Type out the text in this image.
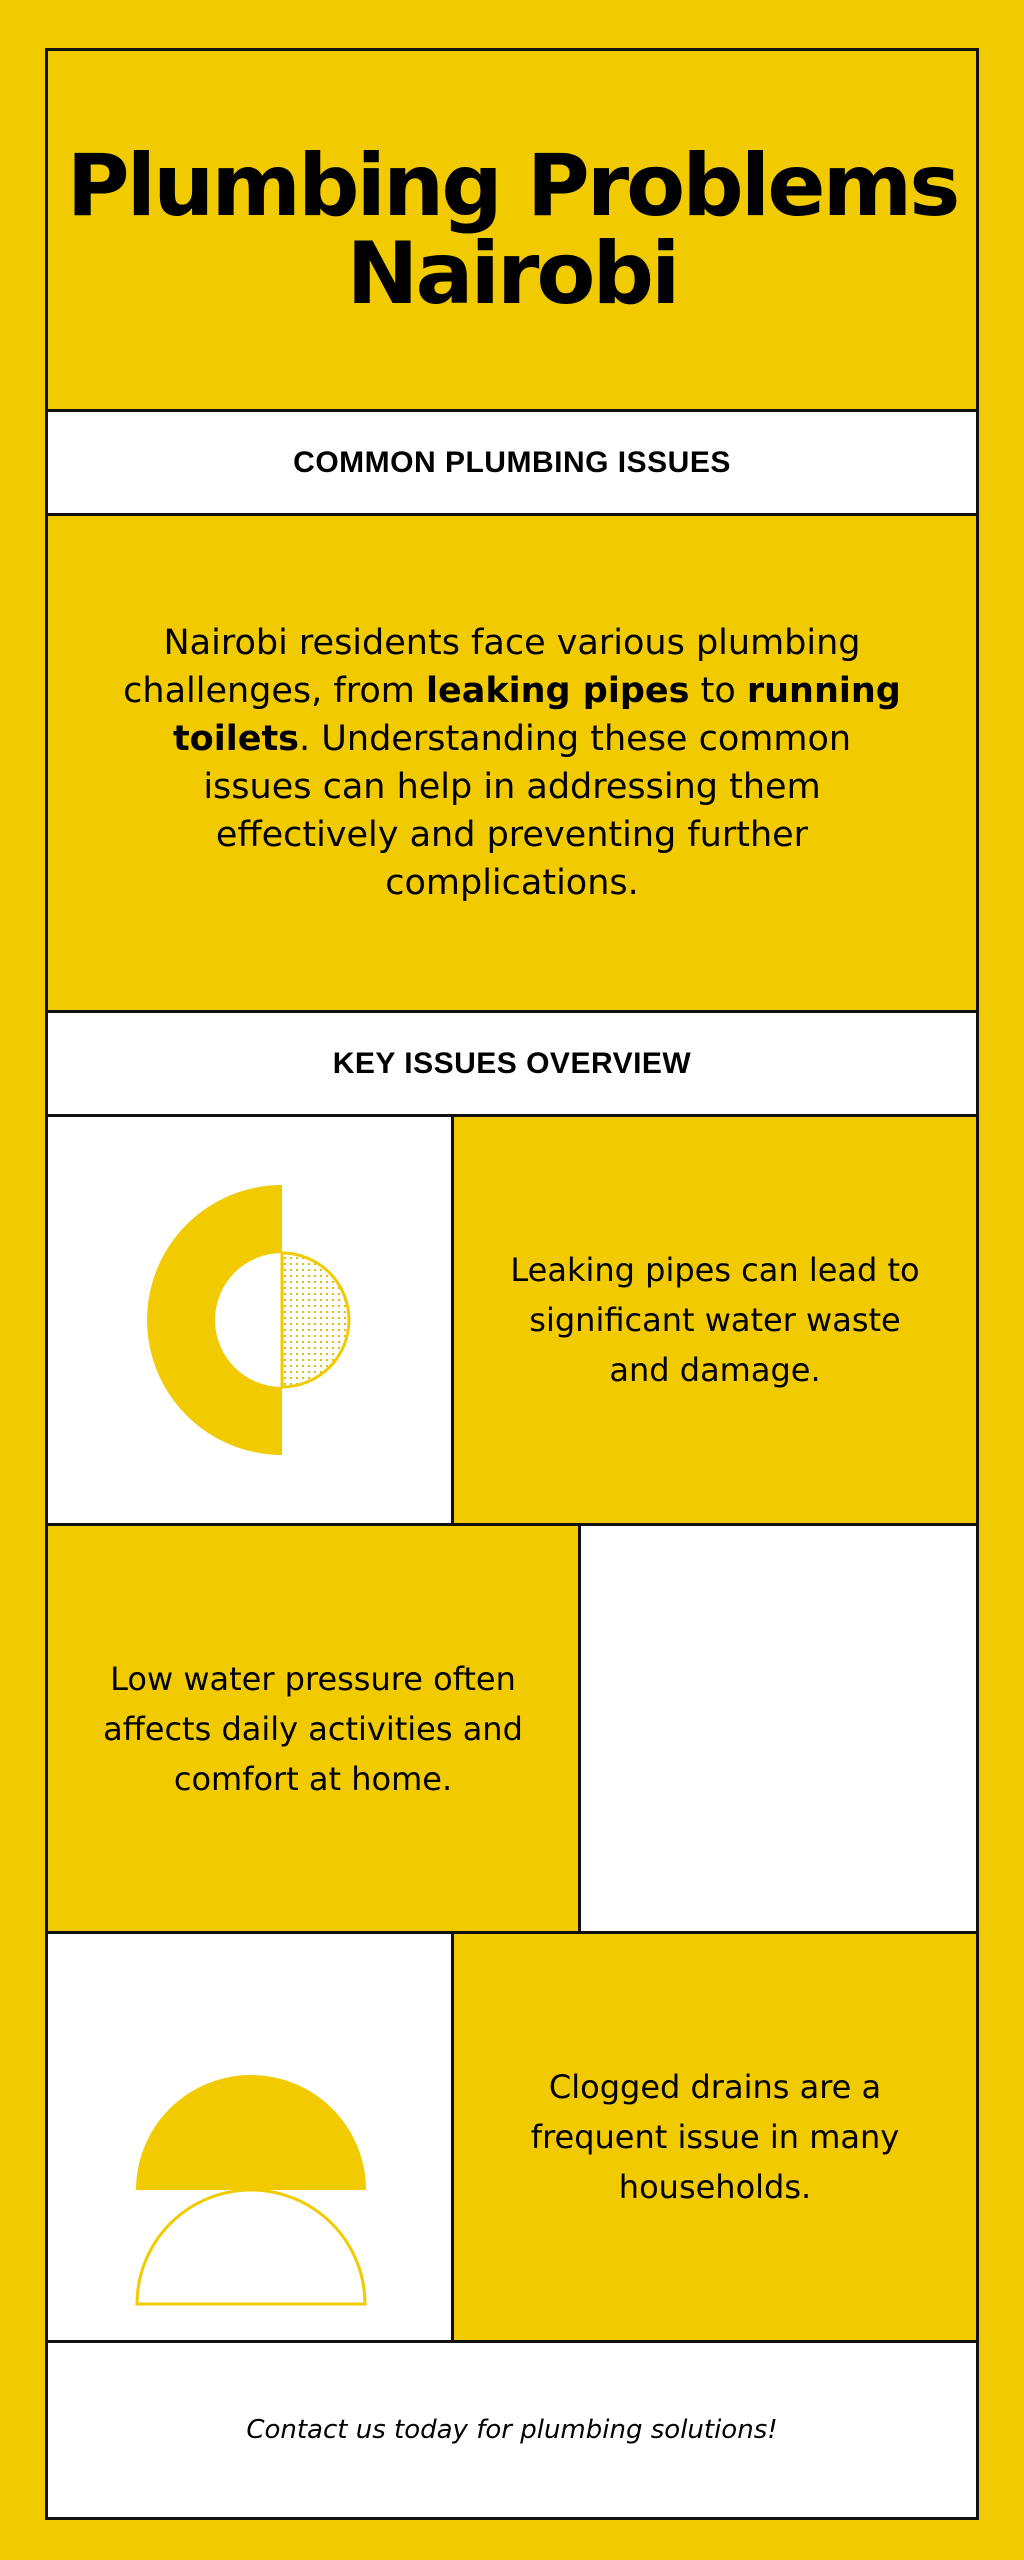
Plumbing Problems Nairobi
COMMON PLUMBING ISSUES

Nairobi residents face various plumbing challenges, from leaking pipes to running toilets. Understanding these common issues can help in addressing them effectively and preventing further complications.

KEY ISSUES OVERVIEW
Leaking pipes can lead to significant water waste and damage.
Low water pressure often affects daily activities and comfort at home.
Clogged drains are a frequent issue in many households.
Contact us today for plumbing solutions!
